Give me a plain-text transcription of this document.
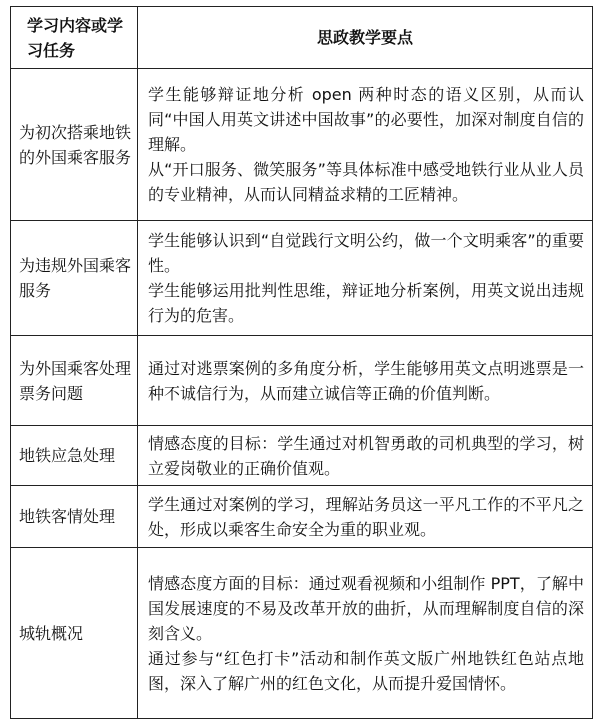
学习内容或学习任务	思政教学要点
为初次搭乘地铁的外国乘客服务	学生能够辩证地分析 open 两种时态的语义区别，从而认同“中国人用英文讲述中国故事”的必要性，加深对制度自信的理解。
从“开口服务、微笑服务”等具体标准中感受地铁行业从业人员的专业精神，从而认同精益求精的工匠精神。

为违规外国乘客服务	学生能够认识到“自觉践行文明公约，做一个文明乘客”的重要性。
学生能够运用批判性思维，辩证地分析案例，用英文说出违规行为的危害。

为外国乘客处理票务问题	通过对逃票案例的多角度分析，学生能够用英文点明逃票是一种不诚信行为，从而建立诚信等正确的价值判断。

地铁应急处理	情感态度的目标：学生通过对机智勇敢的司机典型的学习，树立爱岗敬业的正确价值观。

地铁客情处理	学生通过对案例的学习，理解站务员这一平凡工作的不平凡之处，形成以乘客生命安全为重的职业观。

城轨概况	情感态度方面的目标：通过观看视频和小组制作 PPT，了解中国发展速度的不易及改革开放的曲折，从而理解制度自信的深刻含义。
通过参与“红色打卡”活动和制作英文版广州地铁红色站点地图，深入了解广州的红色文化，从而提升爱国情怀。
